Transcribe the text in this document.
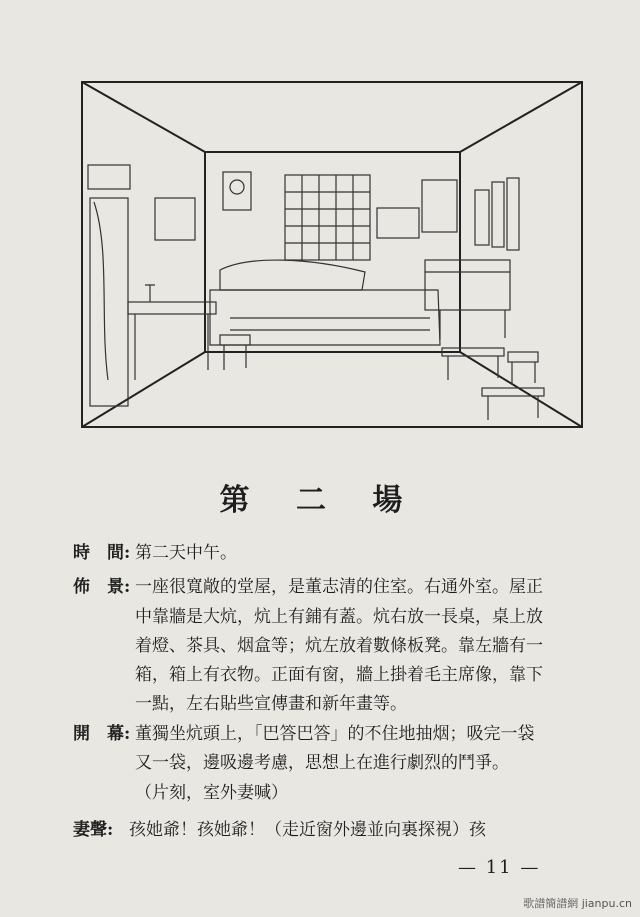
第 二 場
時　間: 第二天中午。
佈　景: 一座很寬敞的堂屋，是董志清的住室。右通外室。屋正
中靠牆是大炕，炕上有鋪有蓋。炕右放一長桌，桌上放
着燈、茶具、烟盒等；炕左放着數條板凳。靠左牆有一
箱，箱上有衣物。正面有窗，牆上掛着毛主席像，靠下
一點，左右貼些宣傳畫和新年畫等。
開　幕: 董獨坐炕頭上，「巴答巴答」的不住地抽烟；吸完一袋
又一袋，邊吸邊考慮，思想上在進行劇烈的鬥爭。
（片刻，室外妻喊）
妻聲: 孩她爺！孩她爺！（走近窗外邊並向裏探視）孩
— 11 —
歌譜簡譜網 jianpu.cn
